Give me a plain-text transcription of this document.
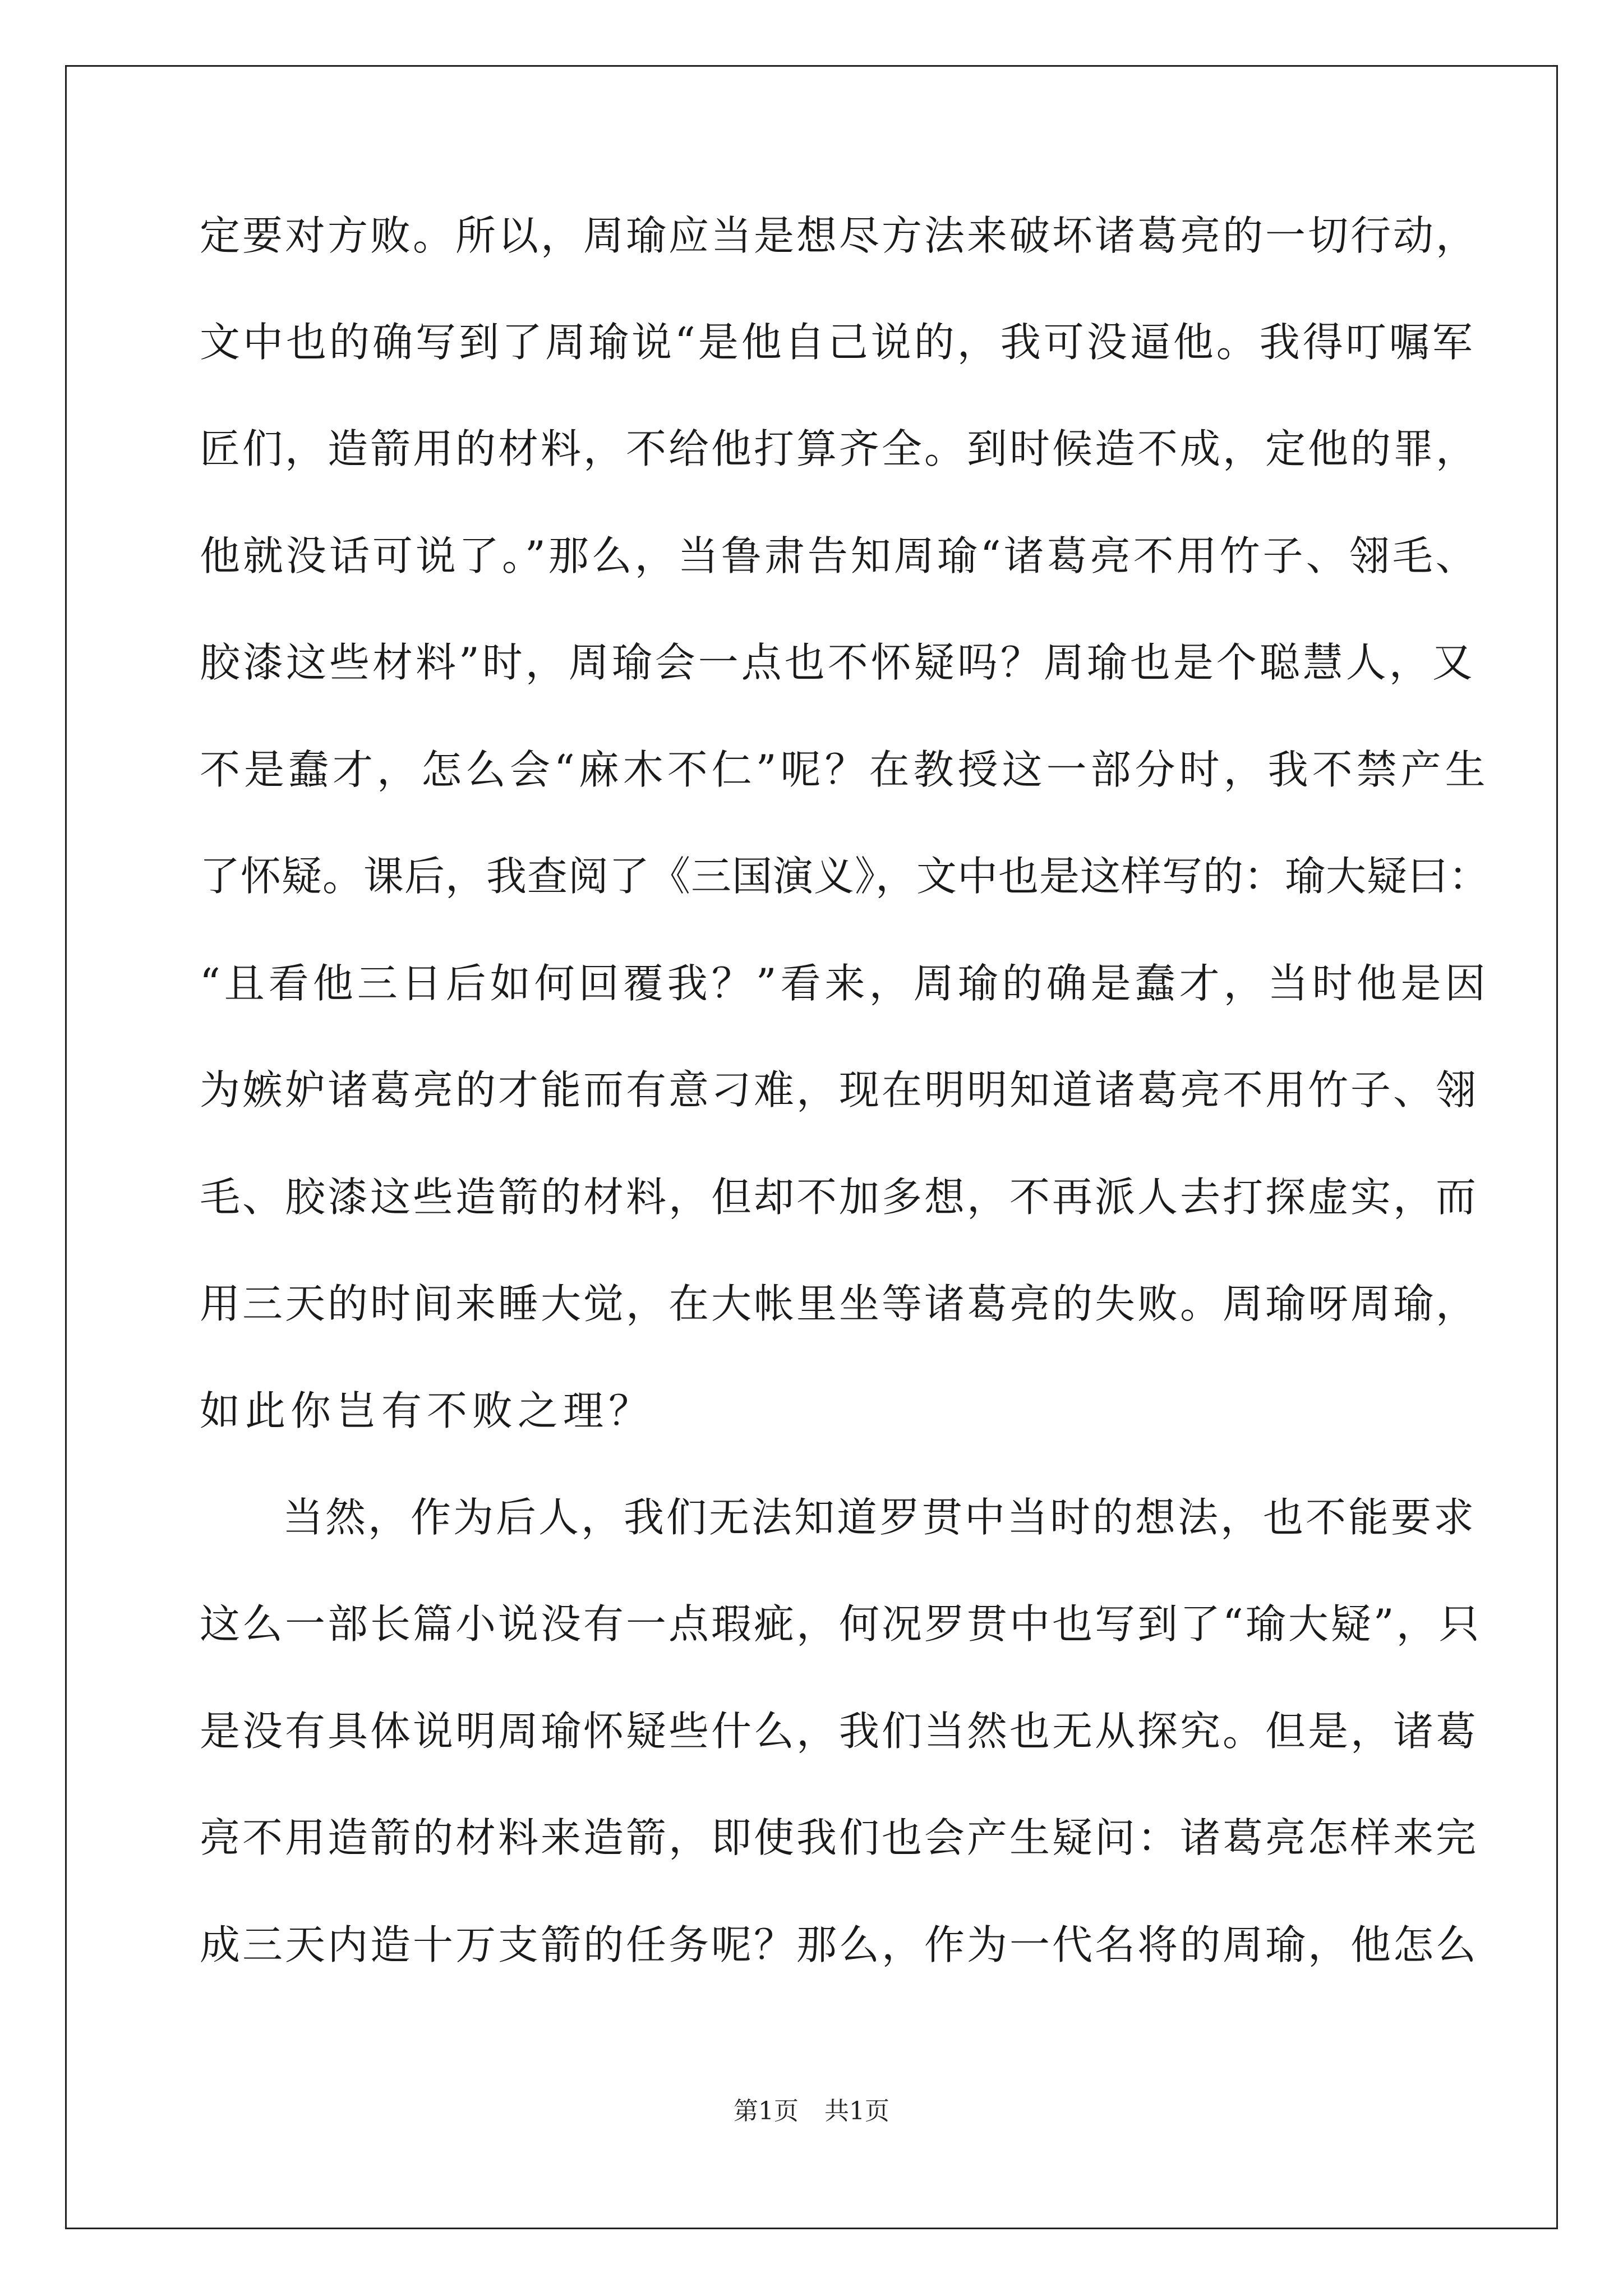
定要对方败。所以，周瑜应当是想尽方法来破坏诸葛亮的一切行动，
文中也的确写到了周瑜说“是他自己说的，我可没逼他。我得叮嘱军
匠们，造箭用的材料，不给他打算齐全。到时候造不成，定他的罪，
他就没话可说了。”那么，当鲁肃告知周瑜“诸葛亮不用竹子、翎毛、
胶漆这些材料”时，周瑜会一点也不怀疑吗？周瑜也是个聪慧人，又
不是蠢才，怎么会“麻木不仁”呢？在教授这一部分时，我不禁产生
了怀疑。课后，我查阅了《三国演义》，文中也是这样写的：瑜大疑曰：
“且看他三日后如何回覆我？”看来，周瑜的确是蠢才，当时他是因
为嫉妒诸葛亮的才能而有意刁难，现在明明知道诸葛亮不用竹子、翎
毛、胶漆这些造箭的材料，但却不加多想，不再派人去打探虚实，而
用三天的时间来睡大觉，在大帐里坐等诸葛亮的失败。周瑜呀周瑜，
如此你岂有不败之理？
当然，作为后人，我们无法知道罗贯中当时的想法，也不能要求
这么一部长篇小说没有一点瑕疵，何况罗贯中也写到了“瑜大疑”，只
是没有具体说明周瑜怀疑些什么，我们当然也无从探究。但是，诸葛
亮不用造箭的材料来造箭，即使我们也会产生疑问：诸葛亮怎样来完
成三天内造十万支箭的任务呢？那么，作为一代名将的周瑜，他怎么
第1页 共1页
